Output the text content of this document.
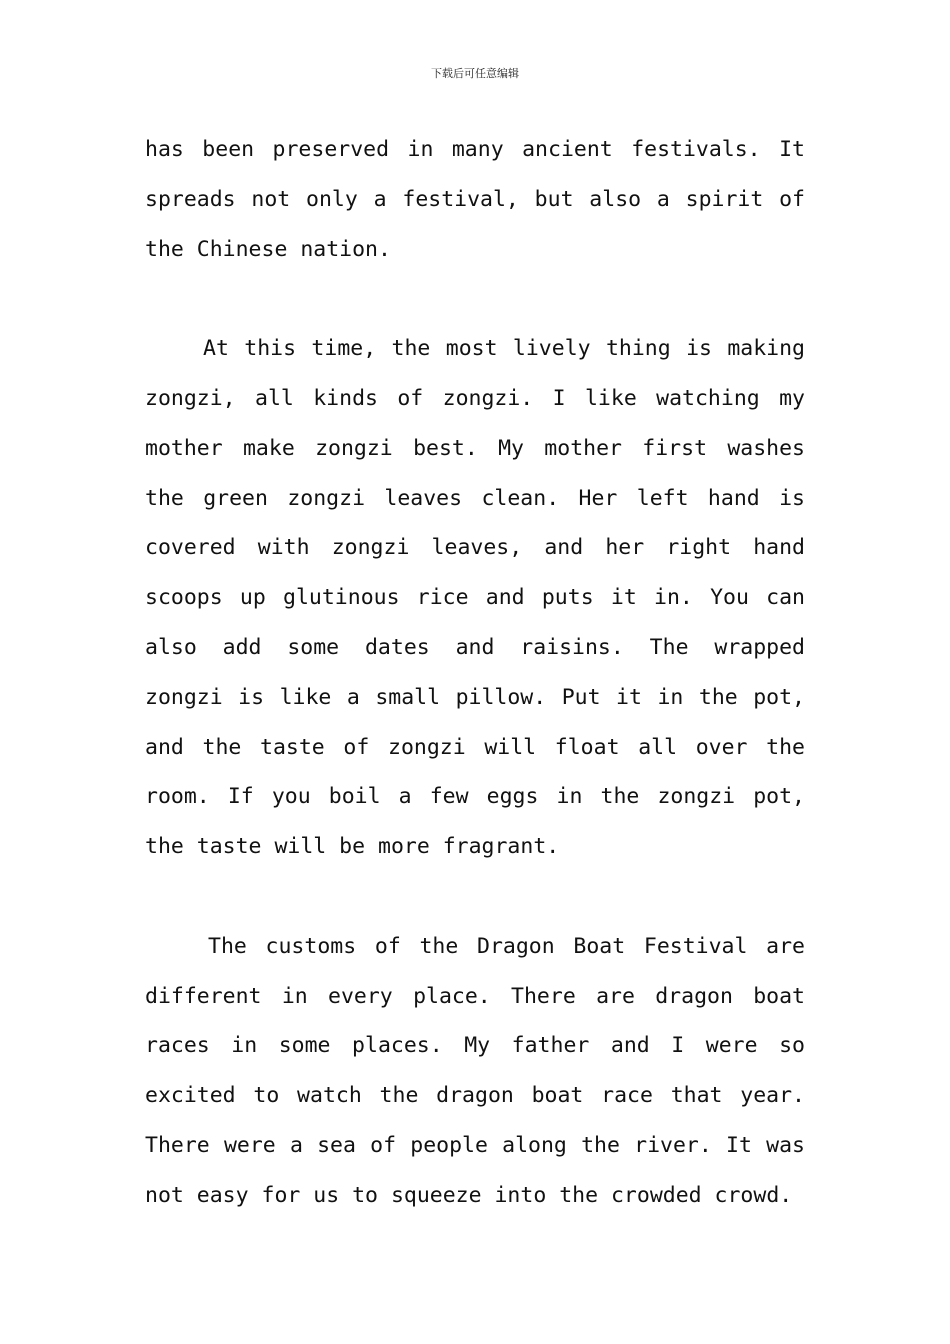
下载后可任意编辑

has been preserved in many ancient festivals. It spreads not only a festival, but also a spirit of the Chinese nation.

At this time, the most lively thing is making zongzi, all kinds of zongzi. I like watching my mother make zongzi best. My mother first washes the green zongzi leaves clean. Her left hand is covered with zongzi leaves, and her right hand scoops up glutinous rice and puts it in. You can also add some dates and raisins. The wrapped zongzi is like a small pillow. Put it in the pot, and the taste of zongzi will float all over the room. If you boil a few eggs in the zongzi pot, the taste will be more fragrant.

The customs of the Dragon Boat Festival are different in every place. There are dragon boat races in some places. My father and I were so excited to watch the dragon boat race that year. There were a sea of people along the river. It was not easy for us to squeeze into the crowded crowd.
